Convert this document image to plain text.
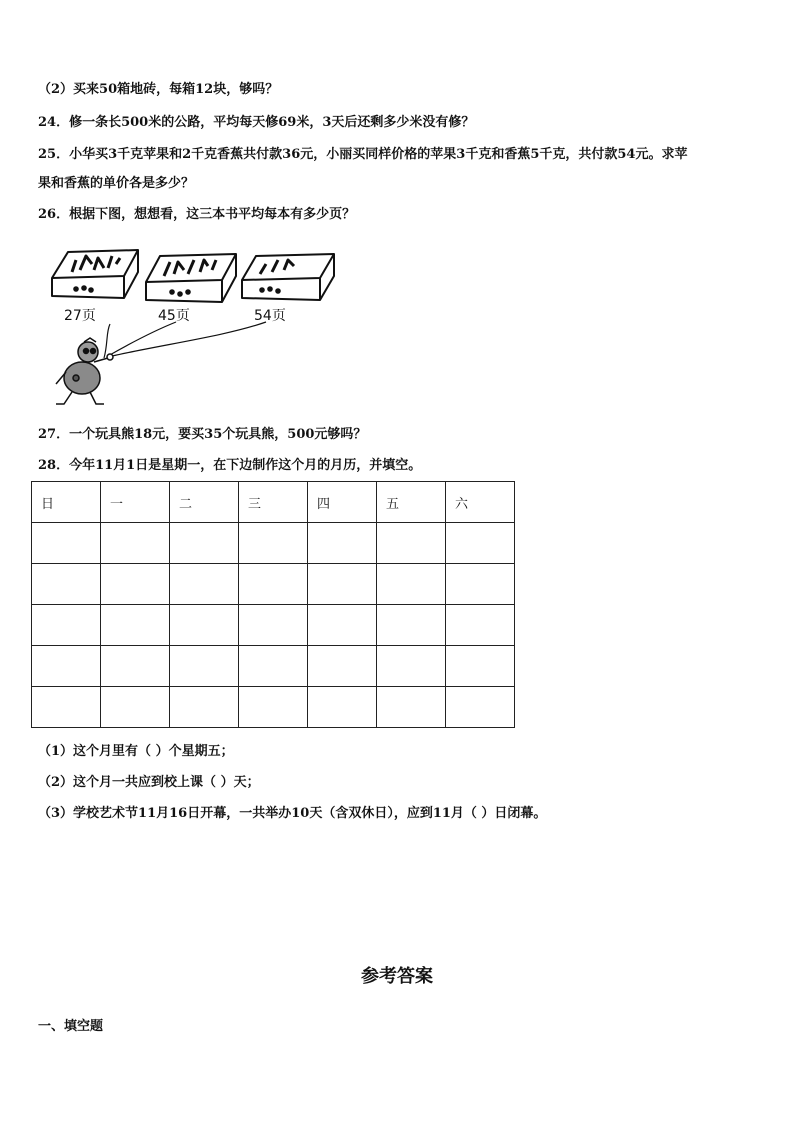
（2）买来50箱地砖，每箱12块，够吗？
24．修一条长500米的公路，平均每天修69米，3天后还剩多少米没有修？
25．小华买3千克苹果和2千克香蕉共付款36元，小丽买同样价格的苹果3千克和香蕉5千克，共付款54元。求苹
果和香蕉的单价各是多少？
26．根据下图，想想看，这三本书平均每本有多少页？
27页	45页	54页
27．一个玩具熊18元，要买35个玩具熊，500元够吗？
28．今年11月1日是星期一，在下边制作这个月的月历，并填空。
日	一	二	三	四	五	六

（1）这个月里有（ ）个星期五；
（2）这个月一共应到校上课（ ）天；
（3）学校艺术节11月16日开幕，一共举办10天（含双休日），应到11月（ ）日闭幕。
参考答案
一、填空题
